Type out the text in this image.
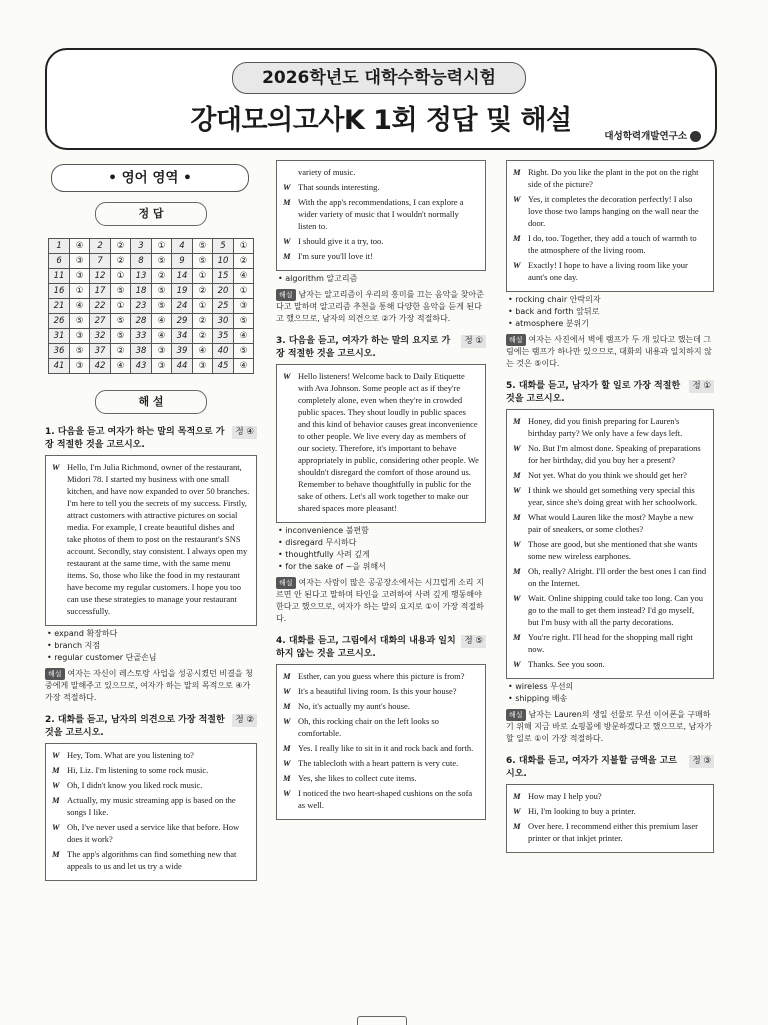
2026학년도 대학수학능력시험
강대모의고사K 1회 정답 및 해설
대성학력개발연구소
• 영어 영역 •
정 답
1	④	2	②	3	①	4	⑤	5	①
6	③	7	②	8	⑤	9	⑤	10	②
11	③	12	①	13	②	14	①	15	④
16	①	17	⑤	18	⑤	19	②	20	①
21	④	22	①	23	⑤	24	①	25	③
26	⑤	27	⑤	28	④	29	②	30	⑤
31	③	32	⑤	33	④	34	②	35	④
36	⑤	37	②	38	③	39	④	40	⑤
41	③	42	④	43	③	44	③	45	④
해 설
정 ④
1. 다음을 듣고 여자가 하는 말의 목적으로 가장 적절한 것을 고르시오.
W Hello, I'm Julia Richmond, owner of the restaurant, Midori 78. I started my business with one small kitchen, and have now expanded to over 50 branches. I'm here to tell you the secrets of my success. Firstly, attract customers with attractive pictures on social media. For example, I create beautiful dishes and take photos of them to post on the restaurant's SNS account. Secondly, stay consistent. I always open my restaurant at the same time, with the same menu items. So, those who like the food in my restaurant have become my regular customers. I hope you too can use these strategies to manage your restaurant successfully.
• expand 확장하다
• branch 지점
• regular customer 단골손님
해설 여자는 자신이 레스토랑 사업을 성공시켰던 비결을 청중에게 말해주고 있으므로, 여자가 하는 말의 목적으로 ④가 가장 적절하다.
정 ②
2. 대화를 듣고, 남자의 의견으로 가장 적절한 것을 고르시오.
W Hey, Tom. What are you listening to?
M Hi, Liz. I'm listening to some rock music.
W Oh, I didn't know you liked rock music.
M Actually, my music streaming app is based on the songs I like.
W Oh, I've never used a service like that before. How does it work?
M The app's algorithms can find something new that appeals to us and let us try a wide
variety of music.
W That sounds interesting.
M With the app's recommendations, I can explore a wider variety of music that I wouldn't normally listen to.
W I should give it a try, too.
M I'm sure you'll love it!
• algorithm 알고리즘
해설 남자는 알고리즘이 우리의 흥미를 끄는 음악을 찾아준다고 말하며 알고리즘 추천을 통해 다양한 음악을 듣게 된다고 했으므로, 남자의 의견으로 ②가 가장 적절하다.
정 ①
3. 다음을 듣고, 여자가 하는 말의 요지로 가장 적절한 것을 고르시오.
W Hello listeners! Welcome back to Daily Etiquette with Ava Johnson. Some people act as if they're completely alone, even when they're in crowded public spaces. They shout loudly in public spaces and this kind of behavior causes great inconvenience to other people. We live every day as members of our society. Therefore, it's important to behave appropriately in public, considering other people. We shouldn't disregard the comfort of those around us. Remember to behave thoughtfully in public for the sake of others. Let's all work together to make our shared spaces more pleasant!
• inconvenience 불편함
• disregard 무시하다
• thoughtfully 사려 깊게
• for the sake of ~을 위해서
해설 여자는 사람이 많은 공공장소에서는 시끄럽게 소리 지르면 안 된다고 말하며 타인을 고려하여 사려 깊게 행동해야 한다고 했으므로, 여자가 하는 말의 요지로 ①이 가장 적절하다.
정 ⑤
4. 대화를 듣고, 그림에서 대화의 내용과 일치하지 않는 것을 고르시오.
M Esther, can you guess where this picture is from?
W It's a beautiful living room. Is this your house?
M No, it's actually my aunt's house.
W Oh, this rocking chair on the left looks so comfortable.
M Yes. I really like to sit in it and rock back and forth.
W The tablecloth with a heart pattern is very cute.
M Yes, she likes to collect cute items.
W I noticed the two heart-shaped cushions on the sofa as well.
M Right. Do you like the plant in the pot on the right side of the picture?
W Yes, it completes the decoration perfectly! I also love those two lamps hanging on the wall near the door.
M I do, too. Together, they add a touch of warmth to the atmosphere of the living room.
W Exactly! I hope to have a living room like your aunt's one day.
• rocking chair 안락의자
• back and forth 앞뒤로
• atmosphere 분위기
해설 여자는 사진에서 벽에 램프가 두 개 있다고 했는데 그림에는 램프가 하나만 있으므로, 대화의 내용과 일치하지 않는 것은 ⑤이다.
정 ①
5. 대화를 듣고, 남자가 할 일로 가장 적절한 것을 고르시오.
M Honey, did you finish preparing for Lauren's birthday party? We only have a few days left.
W No. But I'm almost done. Speaking of preparations for her birthday, did you buy her a present?
M Not yet. What do you think we should get her?
W I think we should get something very special this year, since she's doing great with her schoolwork.
M What would Lauren like the most? Maybe a new pair of sneakers, or some clothes?
W Those are good, but she mentioned that she wants some new wireless earphones.
M Oh, really? Alright. I'll order the best ones I can find on the Internet.
W Wait. Online shipping could take too long. Can you go to the mall to get them instead? I'd go myself, but I'm busy with all the party decorations.
M You're right. I'll head for the shopping mall right now.
W Thanks. See you soon.
• wireless 무선의
• shipping 배송
해설 남자는 Lauren의 생일 선물로 무선 이어폰을 구매하기 위해 지금 바로 쇼핑몰에 방문하겠다고 했으므로, 남자가 할 일로 ①이 가장 적절하다.
정 ③
6. 대화를 듣고, 여자가 지불할 금액을 고르시오.
M How may I help you?
W Hi, I'm looking to buy a printer.
M Over here. I recommend either this premium laser printer or that inkjet printer.
